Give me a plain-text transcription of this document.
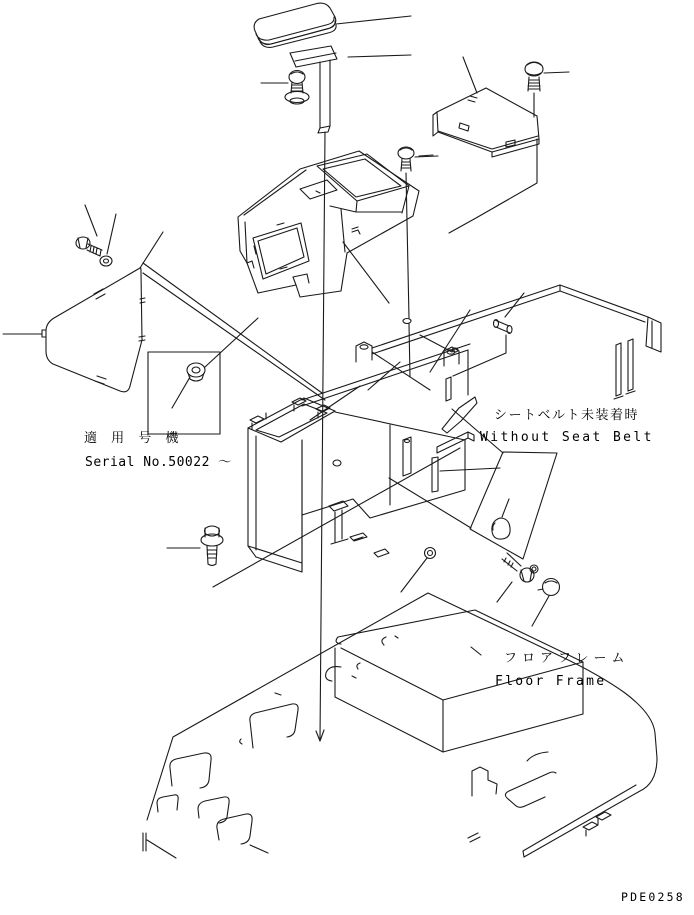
適 用 号 機
Serial No.50022 ～
シートベルト未装着時
Without Seat Belt
フロアフレーム
Floor Frame
PDE0258
